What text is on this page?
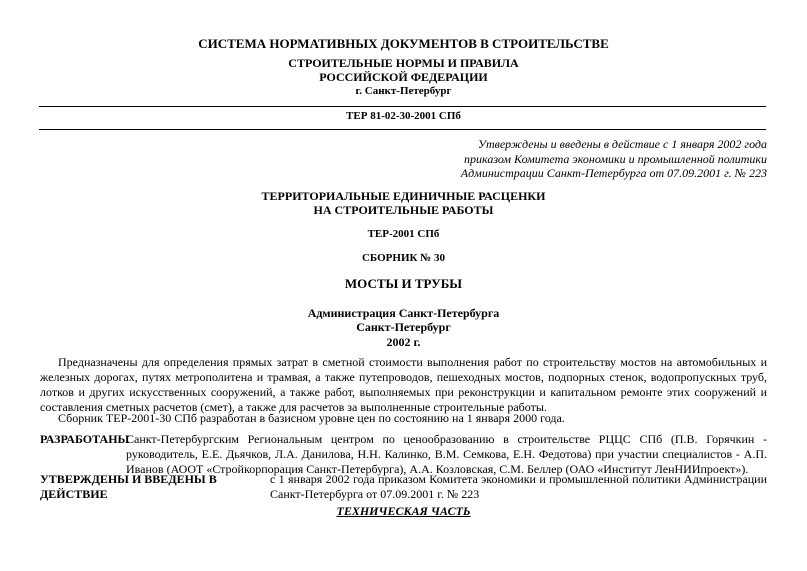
СИСТЕМА НОРМАТИВНЫХ ДОКУМЕНТОВ В СТРОИТЕЛЬСТВЕ
СТРОИТЕЛЬНЫЕ НОРМЫ И ПРАВИЛА
РОССИЙСКОЙ ФЕДЕРАЦИИ
г. Санкт-Петербург
ТЕР 81-02-30-2001 СПб
Утверждены и введены в действие с 1 января 2002 года
приказом Комитета экономики и промышленной политики
Администрации Санкт-Петербурга от 07.09.2001 г. № 223
ТЕРРИТОРИАЛЬНЫЕ ЕДИНИЧНЫЕ РАСЦЕНКИ
НА СТРОИТЕЛЬНЫЕ РАБОТЫ
ТЕР-2001 СПб
СБОРНИК № 30
МОСТЫ И ТРУБЫ
Администрация Санкт-Петербурга
Санкт-Петербург
2002 г.
Предназначены для определения прямых затрат в сметной стоимости выполнения работ по строительству мостов на автомобильных и железных дорогах, путях метрополитена и трамвая, а также путепроводов, пешеходных мостов, подпорных стенок, водопропускных труб, лотков и других искусственных сооружений, а также работ, выполняемых при реконструкции и капитальном ремонте этих сооружений и составления сметных расчетов (смет), а также для расчетов за выполненные строительные работы.
Сборник ТЕР-2001-30 СПб разработан в базисном уровне цен по состоянию на 1 января 2000 года.
РАЗРАБОТАНЫ
Санкт-Петербургским Региональным центром по ценообразованию в строительстве РЦЦС СПб (П.В. Горячкин - руководитель, Е.Е. Дьячков, Л.А. Данилова, Н.Н. Калинко, В.М. Семкова, Е.Н. Федотова) при участии специалистов - А.П. Иванов (АООТ «Стройкорпорация Санкт-Петербурга), А.А. Козловская, С.М. Беллер (ОАО «Институт ЛенНИИпроект»).
УТВЕРЖДЕНЫ И ВВЕДЕНЫ В ДЕЙСТВИЕ
с 1 января 2002 года приказом Комитета экономики и промышленной политики Администрации Санкт-Петербурга от 07.09.2001 г. № 223
ТЕХНИЧЕСКАЯ ЧАСТЬ
